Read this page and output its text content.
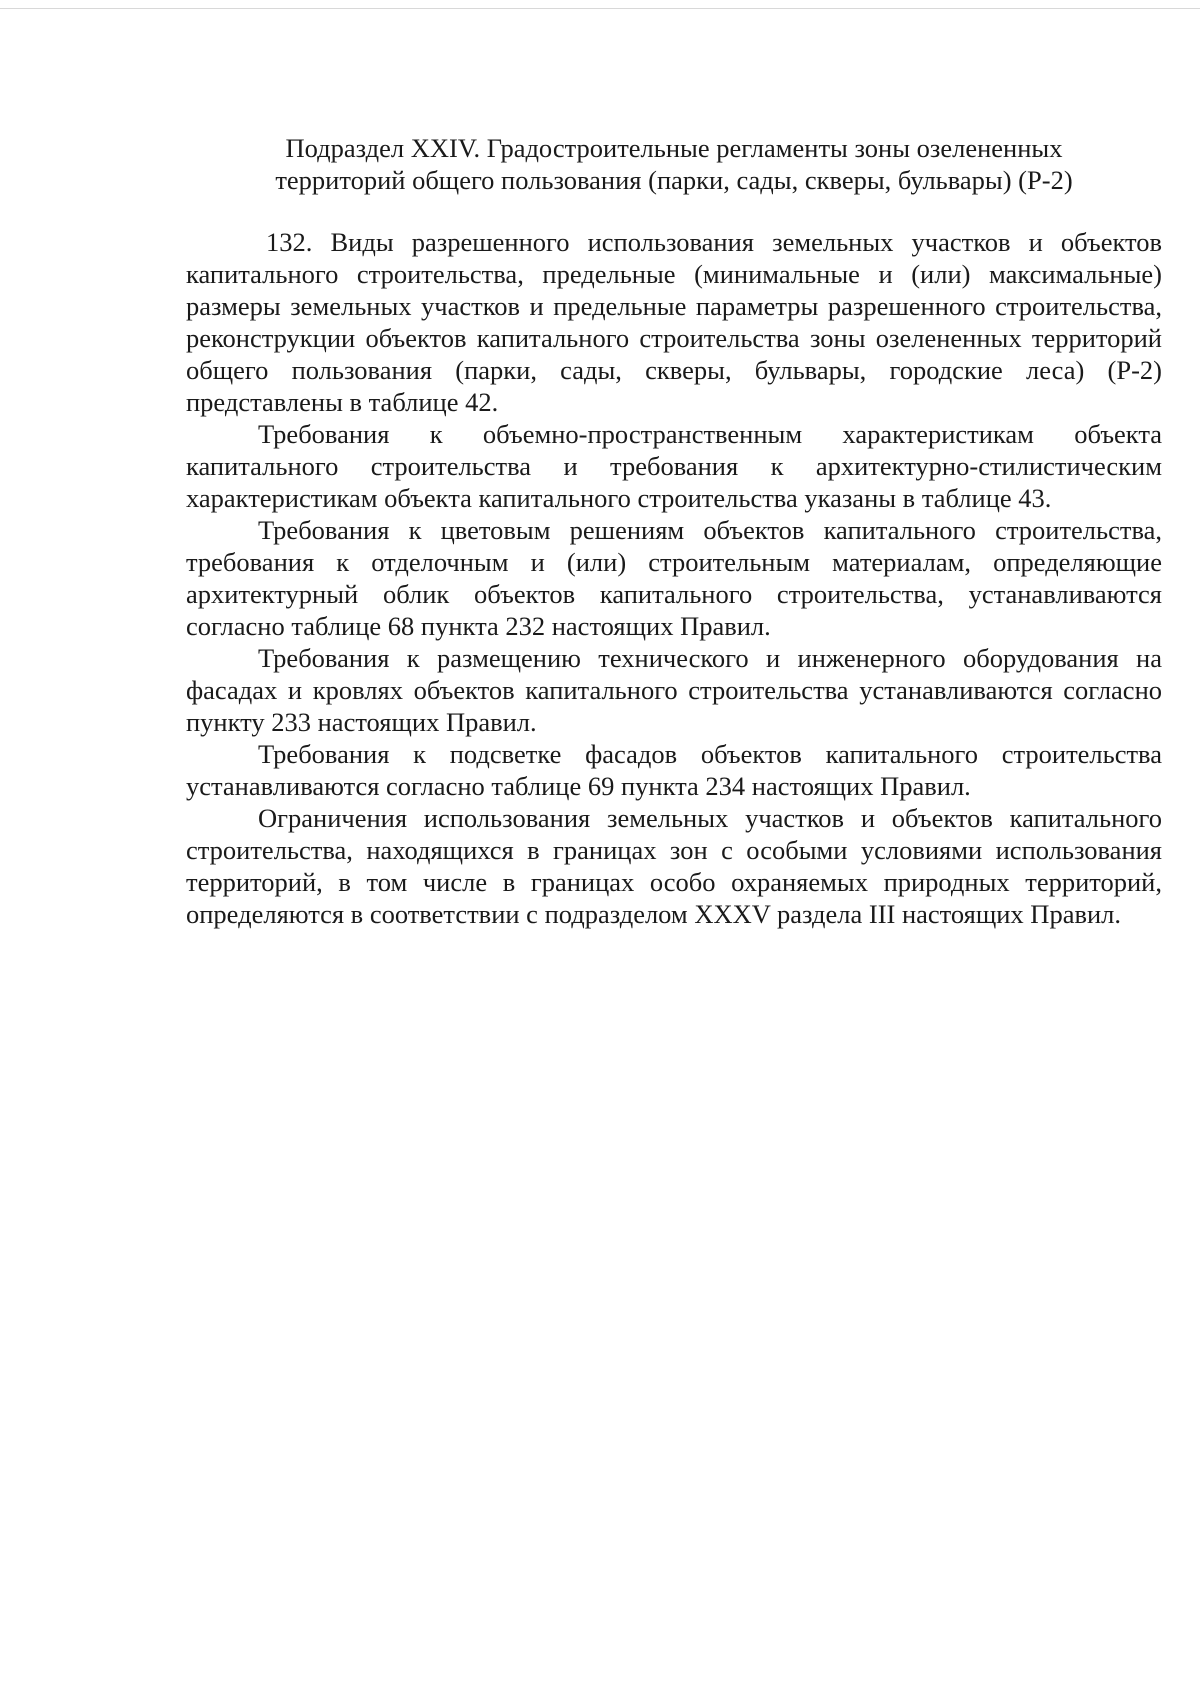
Подраздел XXIV. Градостроительные регламенты зоны озелененных
территорий общего пользования (парки, сады, скверы, бульвары) (Р-2)

132. Виды разрешенного использования земельных участков и объектов капитального строительства, предельные (минимальные и (или) максимальные) размеры земельных участков и предельные параметры разрешенного строительства, реконструкции объектов капитального строительства зоны озелененных территорий общего пользования (парки, сады, скверы, бульвары, городские леса) (Р-2) представлены в таблице 42.

Требования к объемно-пространственным характеристикам объекта капитального строительства и требования к архитектурно-стилистическим характеристикам объекта капитального строительства указаны в таблице 43.

Требования к цветовым решениям объектов капитального строительства, требования к отделочным и (или) строительным материалам, определяющие архитектурный облик объектов капитального строительства, устанавливаются согласно таблице 68 пункта 232 настоящих Правил.

Требования к размещению технического и инженерного оборудования на фасадах и кровлях объектов капитального строительства устанавливаются согласно пункту 233 настоящих Правил.

Требования к подсветке фасадов объектов капитального строительства устанавливаются согласно таблице 69 пункта 234 настоящих Правил.

Ограничения использования земельных участков и объектов капитального строительства, находящихся в границах зон с особыми условиями использования территорий, в том числе в границах особо охраняемых природных территорий, определяются в соответствии с подразделом XXXV раздела III настоящих Правил.
